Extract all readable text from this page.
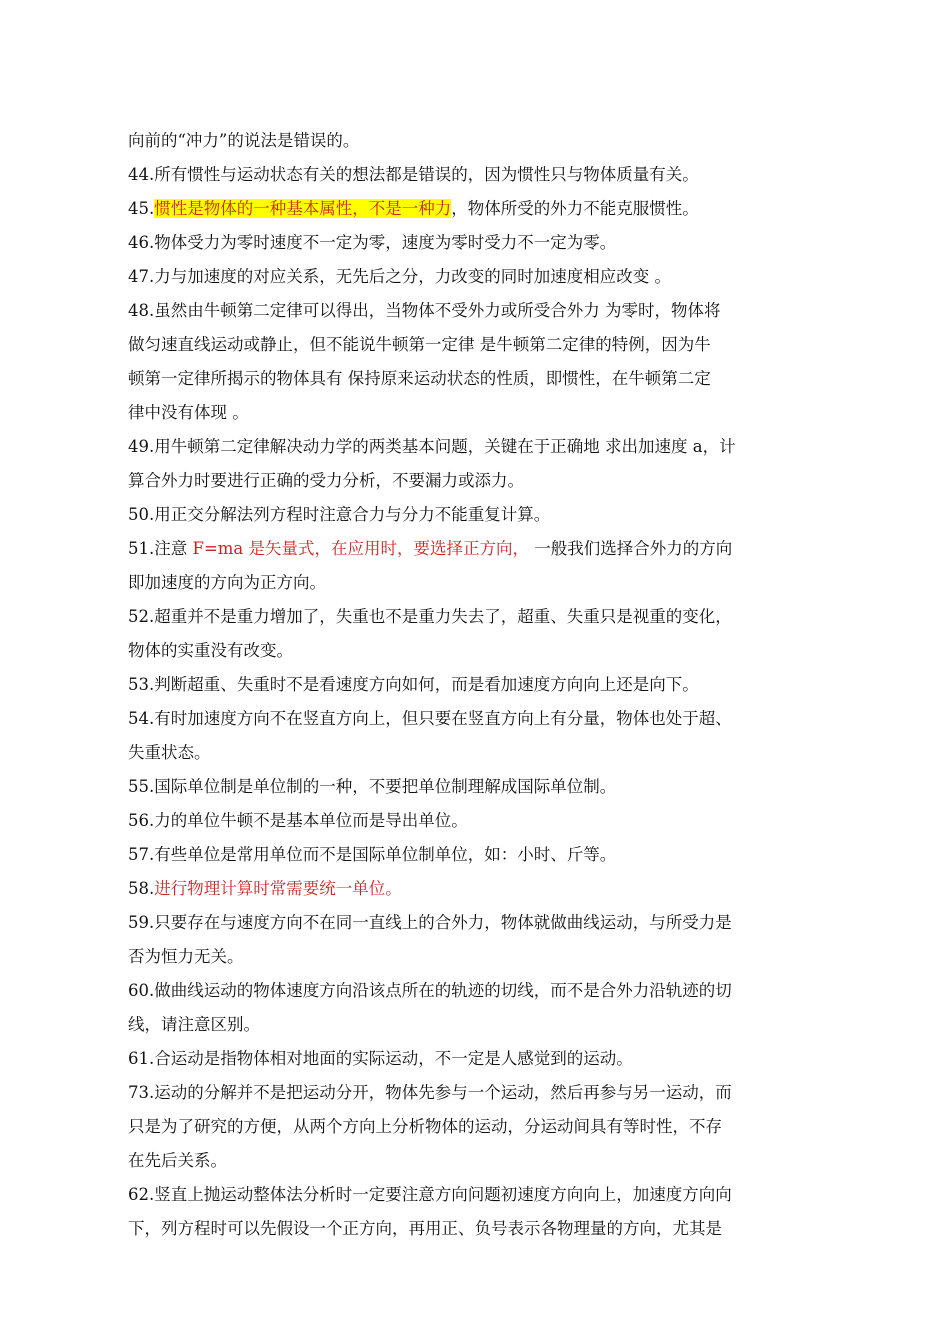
向前的“冲力”的说法是错误的。
44.所有惯性与运动状态有关的想法都是错误的，因为惯性只与物体质量有关。
45.惯性是物体的一种基本属性，不是一种力，物体所受的外力不能克服惯性。
46.物体受力为零时速度不一定为零，速度为零时受力不一定为零。
47.力与加速度的对应关系，无先后之分，力改变的同时加速度相应改变 。
48.虽然由牛顿第二定律可以得出，当物体不受外力或所受合外力 为零时，物体将
做匀速直线运动或静止，但不能说牛顿第一定律 是牛顿第二定律的特例，因为牛
顿第一定律所揭示的物体具有 保持原来运动状态的性质，即惯性，在牛顿第二定
律中没有体现 。
49.用牛顿第二定律解决动力学的两类基本问题，关键在于正确地 求出加速度 a，计
算合外力时要进行正确的受力分析，不要漏力或添力。
50.用正交分解法列方程时注意合力与分力不能重复计算。
51.注意 F=ma 是矢量式，在应用时，要选择正方向， 一般我们选择合外力的方向
即加速度的方向为正方向。
52.超重并不是重力增加了，失重也不是重力失去了，超重、失重只是视重的变化，
物体的实重没有改变。
53.判断超重、失重时不是看速度方向如何，而是看加速度方向向上还是向下。
54.有时加速度方向不在竖直方向上，但只要在竖直方向上有分量，物体也处于超、
失重状态。
55.国际单位制是单位制的一种，不要把单位制理解成国际单位制。
56.力的单位牛顿不是基本单位而是导出单位。
57.有些单位是常用单位而不是国际单位制单位，如：小时、斤等。
58.进行物理计算时常需要统一单位。
59.只要存在与速度方向不在同一直线上的合外力，物体就做曲线运动，与所受力是
否为恒力无关。
60.做曲线运动的物体速度方向沿该点所在的轨迹的切线，而不是合外力沿轨迹的切
线，请注意区别。
61.合运动是指物体相对地面的实际运动，不一定是人感觉到的运动。
73.运动的分解并不是把运动分开，物体先参与一个运动，然后再参与另一运动，而
只是为了研究的方便，从两个方向上分析物体的运动，分运动间具有等时性，不存
在先后关系。
62.竖直上抛运动整体法分析时一定要注意方向问题初速度方向向上，加速度方向向
下，列方程时可以先假设一个正方向，再用正、负号表示各物理量的方向，尤其是
